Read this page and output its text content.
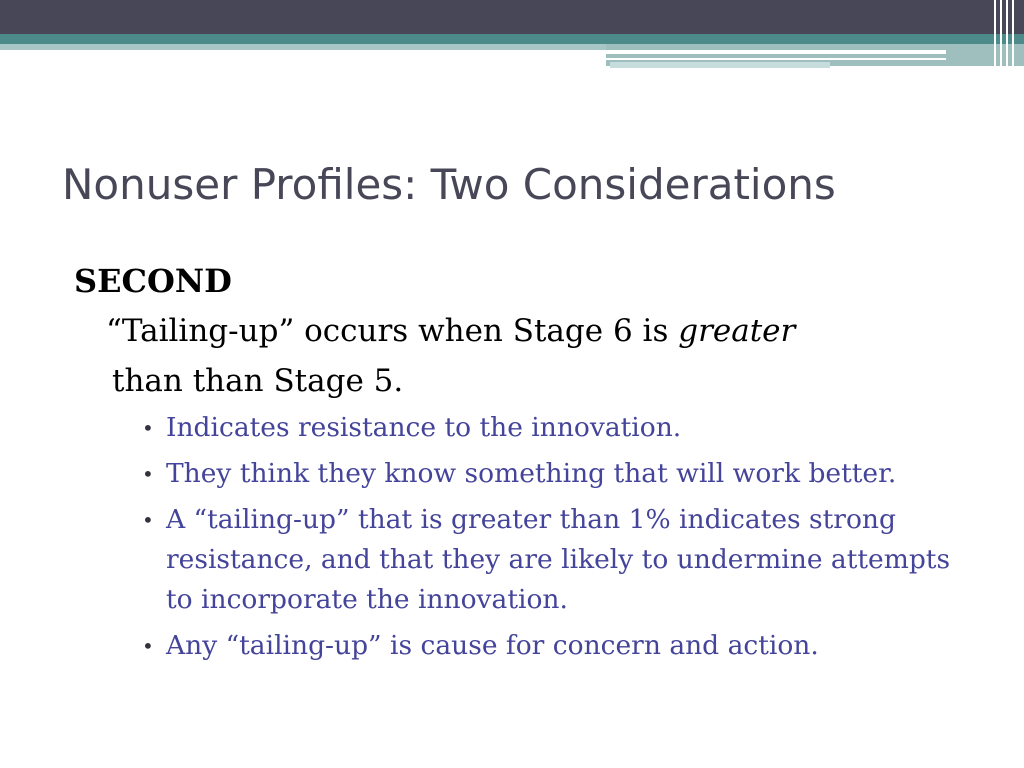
Nonuser Profiles: Two Considerations
SECOND
“Tailing-up” occurs when Stage 6 is greater
than than Stage 5.
• Indicates resistance to the innovation.
• They think they know something that will work better.
• A “tailing-up” that is greater than 1% indicates strong resistance, and that they are likely to undermine attempts to incorporate the innovation.
• Any “tailing-up” is cause for concern and action.
